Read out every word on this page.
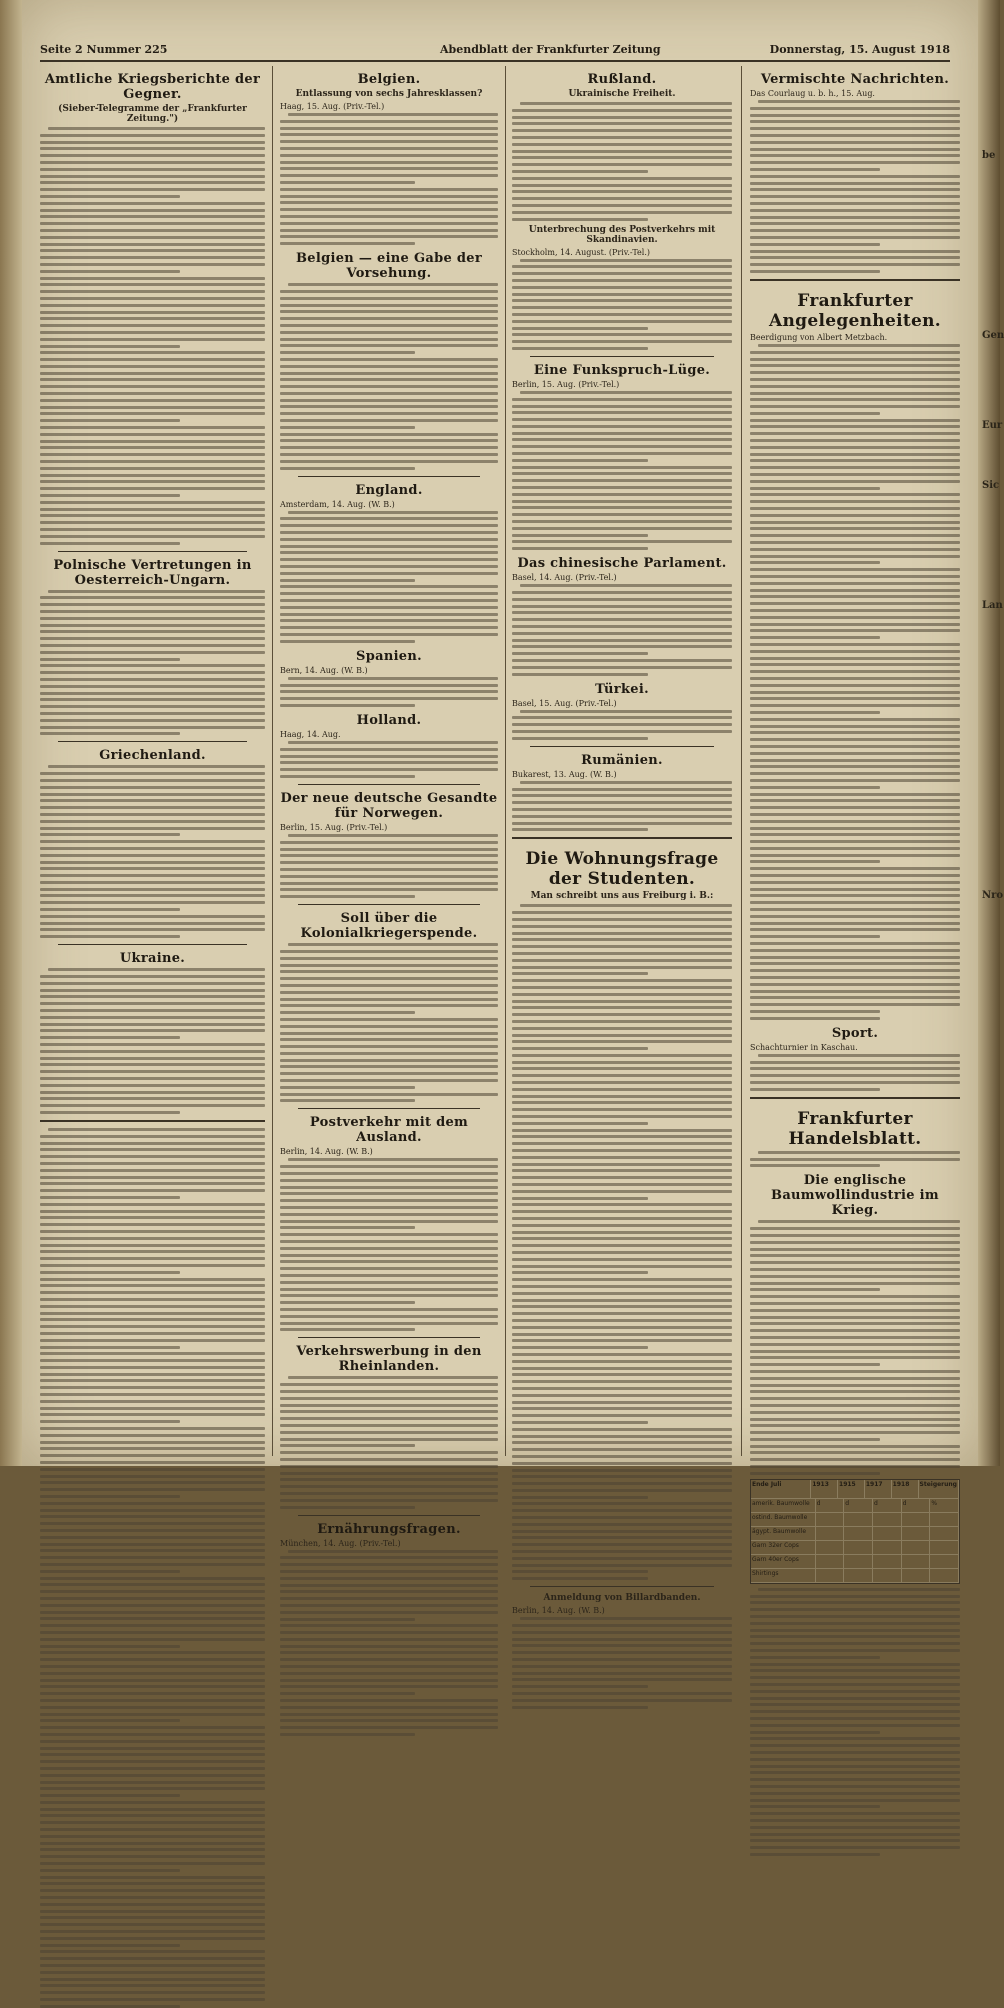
be
Gen
Eur
Sic
Lan
Nro
Seite 2 Nummer 225	Abendblatt der Frankfurter Zeitung	Donnerstag, 15. August 1918
Amtliche Kriegsberichte der Gegner.
(Sieber-Telegramme der „Frankfurter Zeitung.")
Polnische Vertretungen in Oesterreich-Ungarn.
Griechenland.
Ukraine.
Belgien.
Entlassung von sechs Jahresklassen?
Haag, 15. Aug. (Priv.-Tel.)
Belgien — eine Gabe der Vorsehung.
England.
Amsterdam, 14. Aug. (W. B.)
Spanien.
Bern, 14. Aug. (W. B.)
Holland.
Haag, 14. Aug.
Der neue deutsche Gesandte für Norwegen.
Berlin, 15. Aug. (Priv.-Tel.)
Soll über die Kolonialkriegerspende.
Postverkehr mit dem Ausland.
Berlin, 14. Aug. (W. B.)
Verkehrswerbung in den Rheinlanden.
Ernährungsfragen.
München, 14. Aug. (Priv.-Tel.)
Rußland.
Ukrainische Freiheit.
Unterbrechung des Postverkehrs mit Skandinavien.
Stockholm, 14. August. (Priv.-Tel.)
Eine Funkspruch-Lüge.
Berlin, 15. Aug. (Priv.-Tel.)
Das chinesische Parlament.
Basel, 14. Aug. (Priv.-Tel.)
Türkei.
Basel, 15. Aug. (Priv.-Tel.)
Rumänien.
Bukarest, 13. Aug. (W. B.)
Die Wohnungsfrage der Studenten.
Man schreibt uns aus Freiburg i. B.:
Anmeldung von Billardbanden.
Berlin, 14. Aug. (W. B.)
Vermischte Nachrichten.
Das Courlaug u. b. h., 15. Aug.
Frankfurter Angelegenheiten.
Beerdigung von Albert Metzbach.
Sport.
Schachturnier in Kaschau.
Frankfurter Handelsblatt.
Die englische Baumwollindustrie im Krieg.
Ende Juli	1913	1915	1917	1918	Steigerung
amerik. Baumwolle	d	d	d	d	%
ostind. Baumwolle
ägypt. Baumwolle
Garn 32er Cops
Garn 40er Cops
Shirtings
